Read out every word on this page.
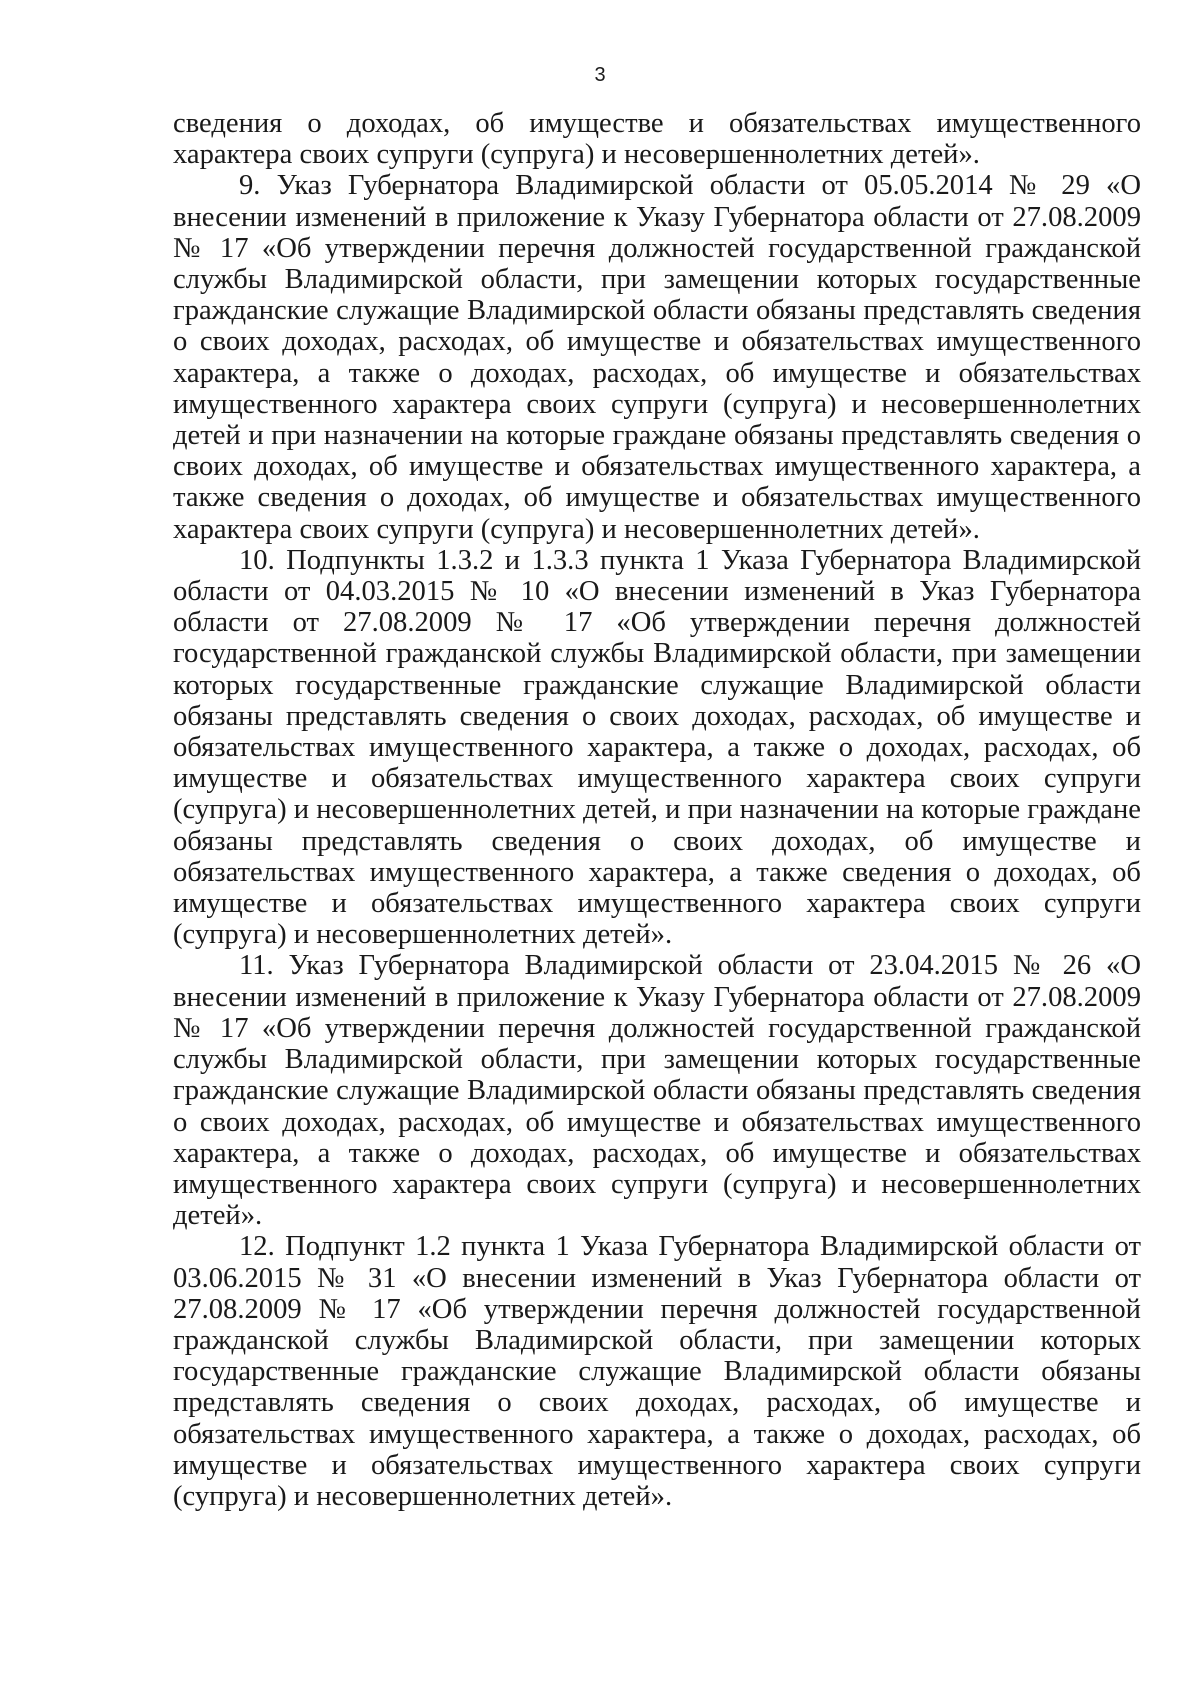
3

сведения о доходах, об имуществе и обязательствах имущественного характера своих супруги (супруга) и несовершеннолетних детей».

9. Указ Губернатора Владимирской области от 05.05.2014 № 29 «О внесении изменений в приложение к Указу Губернатора области от 27.08.2009 № 17 «Об утверждении перечня должностей государственной гражданской службы Владимирской области, при замещении которых государственные гражданские служащие Владимирской области обязаны представлять сведения о своих доходах, расходах, об имуществе и обязательствах имущественного характера, а также о доходах, расходах, об имуществе и обязательствах имущественного характера своих супруги (супруга) и несовершеннолетних детей и при назначении на которые граждане обязаны представлять сведения о своих доходах, об имуществе и обязательствах имущественного характера, а также сведения о доходах, об имуществе и обязательствах имущественного характера своих супруги (супруга) и несовершеннолетних детей».

10. Подпункты 1.3.2 и 1.3.3 пункта 1 Указа Губернатора Владимирской области от 04.03.2015 № 10 «О внесении изменений в Указ Губернатора области от 27.08.2009 № 17 «Об утверждении перечня должностей государственной гражданской службы Владимирской области, при замещении которых государственные гражданские служащие Владимирской области обязаны представлять сведения о своих доходах, расходах, об имуществе и обязательствах имущественного характера, а также о доходах, расходах, об имуществе и обязательствах имущественного характера своих супруги (супруга) и несовершеннолетних детей, и при назначении на которые граждане обязаны представлять сведения о своих доходах, об имуществе и обязательствах имущественного характера, а также сведения о доходах, об имуществе и обязательствах имущественного характера своих супруги (супруга) и несовершеннолетних детей».

11. Указ Губернатора Владимирской области от 23.04.2015 № 26 «О внесении изменений в приложение к Указу Губернатора области от 27.08.2009 № 17 «Об утверждении перечня должностей государственной гражданской службы Владимирской области, при замещении которых государственные гражданские служащие Владимирской области обязаны представлять сведения о своих доходах, расходах, об имуществе и обязательствах имущественного характера, а также о доходах, расходах, об имуществе и обязательствах имущественного характера своих супруги (супруга) и несовершеннолетних детей».

12. Подпункт 1.2 пункта 1 Указа Губернатора Владимирской области от 03.06.2015 № 31 «О внесении изменений в Указ Губернатора области от 27.08.2009 № 17 «Об утверждении перечня должностей государственной гражданской службы Владимирской области, при замещении которых государственные гражданские служащие Владимирской области обязаны представлять сведения о своих доходах, расходах, об имуществе и обязательствах имущественного характера, а также о доходах, расходах, об имуществе и обязательствах имущественного характера своих супруги (супруга) и несовершеннолетних детей».
